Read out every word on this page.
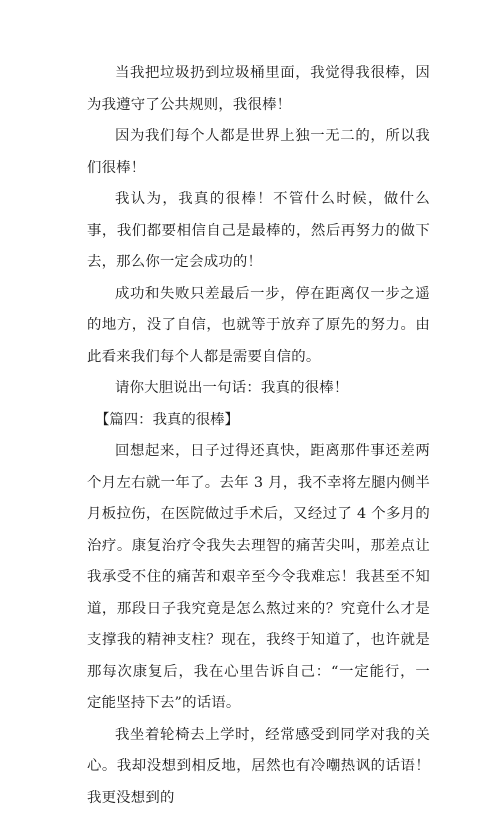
当我把垃圾扔到垃圾桶里面，我觉得我很棒，因为我遵守了公共规则，我很棒！

因为我们每个人都是世界上独一无二的，所以我们很棒！

我认为，我真的很棒！不管什么时候，做什么事，我们都要相信自己是最棒的，然后再努力的做下去，那么你一定会成功的！

成功和失败只差最后一步，停在距离仅一步之遥的地方，没了自信，也就等于放弃了原先的努力。由此看来我们每个人都是需要自信的。

请你大胆说出一句话：我真的很棒！

【篇四：我真的很棒】

回想起来，日子过得还真快，距离那件事还差两个月左右就一年了。去年 3 月，我不幸将左腿内侧半月板拉伤，在医院做过手术后，又经过了 4 个多月的治疗。康复治疗令我失去理智的痛苦尖叫，那差点让我承受不住的痛苦和艰辛至今令我难忘！我甚至不知道，那段日子我究竟是怎么熬过来的？究竟什么才是支撑我的精神支柱？现在，我终于知道了，也许就是那每次康复后，我在心里告诉自己：“一定能行，一定能坚持下去”的话语。

我坐着轮椅去上学时，经常感受到同学对我的关心。我却没想到相反地，居然也有冷嘲热讽的话语！我更没想到的
